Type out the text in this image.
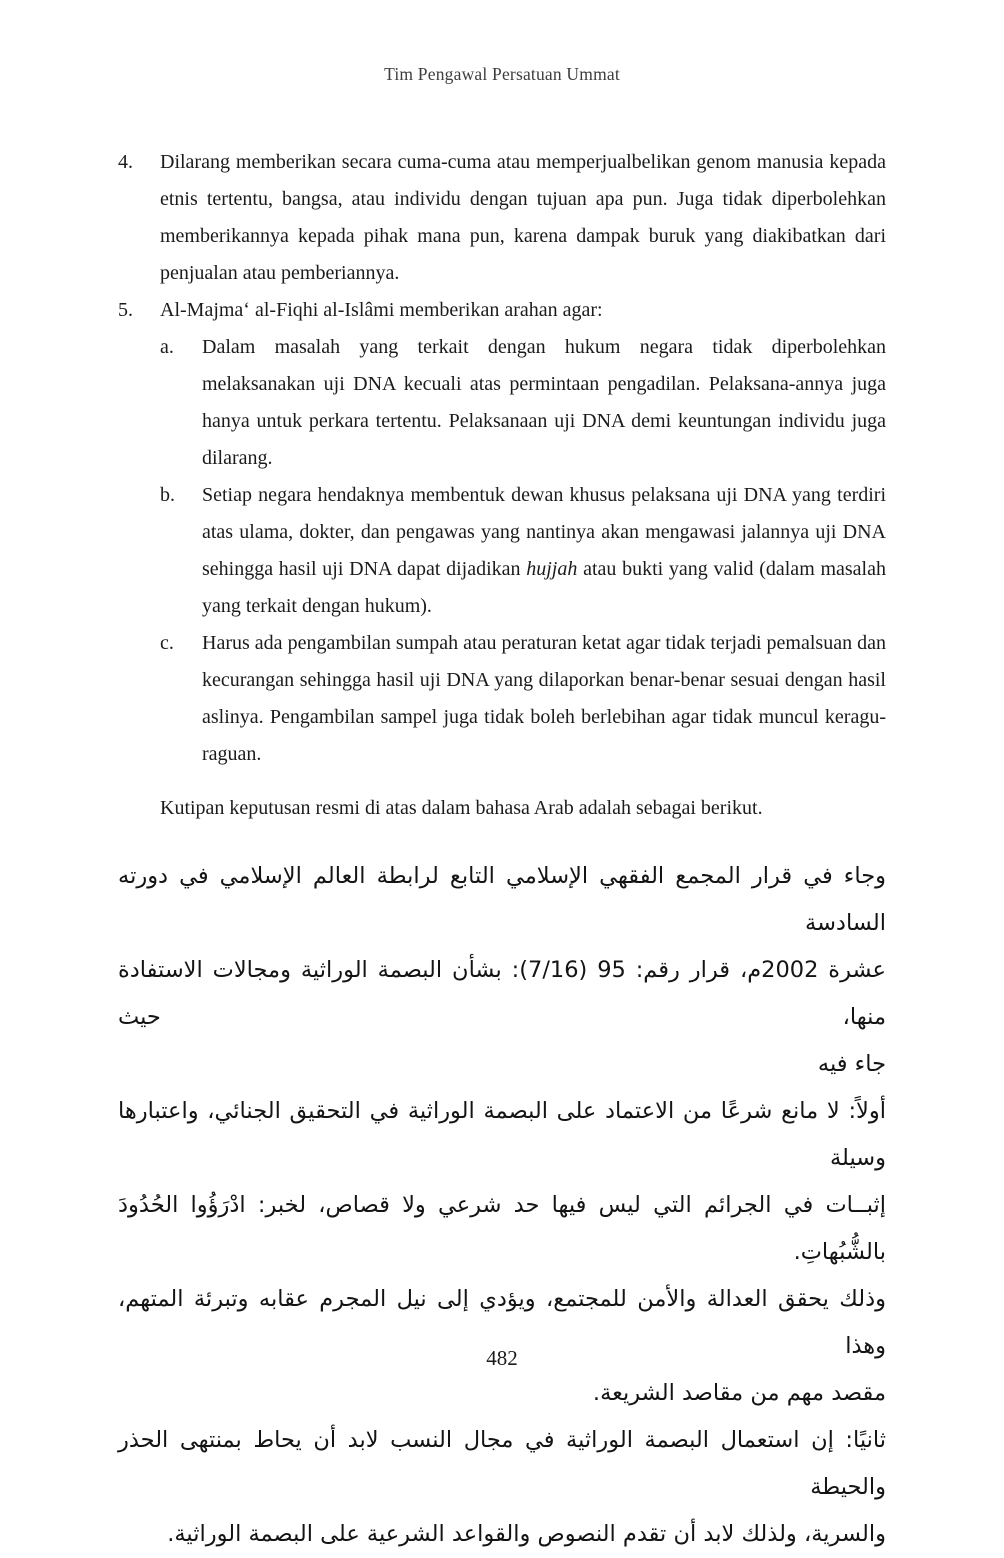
Tim Pengawal Persatuan Ummat
4.	Dilarang memberikan secara cuma-cuma atau memperjualbelikan genom manusia kepada etnis tertentu, bangsa, atau individu dengan tujuan apa pun. Juga tidak diperbolehkan memberikannya kepada pihak mana pun, karena dampak buruk yang diakibatkan dari penjualan atau pemberiannya.
5.	Al-Majma‘ al-Fiqhi al-Islâmi memberikan arahan agar:
a.	Dalam masalah yang terkait dengan hukum negara tidak diperbolehkan melaksanakan uji DNA kecuali atas permintaan pengadilan. Pelaksana-annya juga hanya untuk perkara tertentu. Pelaksanaan uji DNA demi keuntungan individu juga dilarang.
b.	Setiap negara hendaknya membentuk dewan khusus pelaksana uji DNA yang terdiri atas ulama, dokter, dan pengawas yang nantinya akan mengawasi jalannya uji DNA sehingga hasil uji DNA dapat dijadikan hujjah atau bukti yang valid (dalam masalah yang terkait dengan hukum).
c.	Harus ada pengambilan sumpah atau peraturan ketat agar tidak terjadi pemalsuan dan kecurangan sehingga hasil uji DNA yang dilaporkan benar-benar sesuai dengan hasil aslinya. Pengambilan sampel juga tidak boleh berlebihan agar tidak muncul keragu-raguan.
Kutipan keputusan resmi di atas dalam bahasa Arab adalah sebagai berikut.
وجاء في قرار المجمع الفقهي الإسلامي التابع لرابطة العالم الإسلامي في دورته السادسة
عشرة 2002م، قرار رقم: 95 (7/16): بشأن البصمة الوراثية ومجالات الاستفادة منها، حيث
جاء فيه
أولاً: لا مانع شرعًا من الاعتماد على البصمة الوراثية في التحقيق الجنائي، واعتبارها وسيلة
إثبــات في الجرائم التي ليس فيها حد شرعي ولا قصاص، لخبر: ادْرَؤُوا الحُدُودَ بالشُّبُهاتِ.
وذلك يحقق العدالة والأمن للمجتمع، ويؤدي إلى نيل المجرم عقابه وتبرئة المتهم، وهذا
مقصد مهم من مقاصد الشريعة.
ثانيًا: إن استعمال البصمة الوراثية في مجال النسب لابد أن يحاط بمنتهى الحذر والحيطة
والسرية، ولذلك لابد أن تقدم النصوص والقواعد الشرعية على البصمة الوراثية.
482
